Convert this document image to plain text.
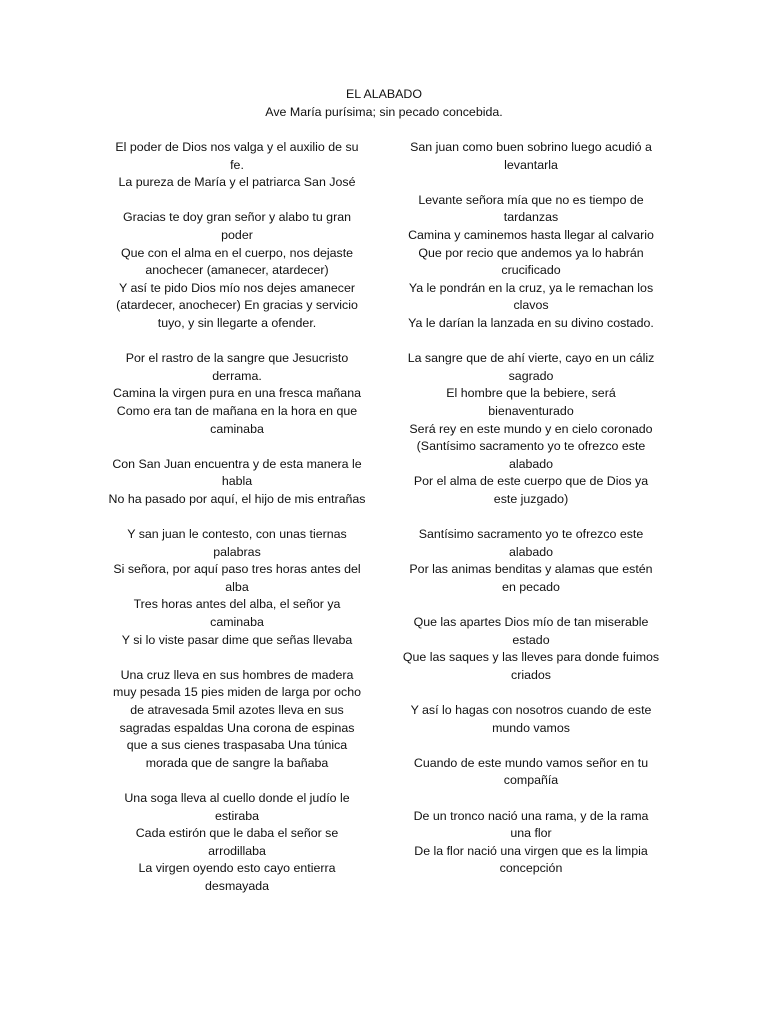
EL ALABADO
Ave María purísima; sin pecado concebida.
El poder de Dios nos valga y el auxilio de su fe.
La pureza de María y el patriarca San José
Gracias te doy gran señor y alabo tu gran poder
Que con el alma en el cuerpo, nos dejaste anochecer (amanecer, atardecer)
Y así te pido Dios mío nos dejes amanecer (atardecer, anochecer) En gracias y servicio tuyo, y sin llegarte a ofender.
Por el rastro de la sangre que Jesucristo derrama.
Camina la virgen pura en una fresca mañana
Como era tan de mañana en la hora en que caminaba
Con San Juan encuentra y de esta manera le habla
No ha pasado por aquí, el hijo de mis entrañas
Y san juan le contesto, con unas tiernas palabras
Si señora, por aquí paso tres horas antes del alba
Tres horas antes del alba, el señor ya caminaba
Y si lo viste pasar dime que señas llevaba
Una cruz lleva en sus hombres de madera muy pesada 15 pies miden de larga por ocho de atravesada 5mil azotes lleva en sus sagradas espaldas Una corona de espinas que a sus cienes traspasaba Una túnica morada que de sangre la bañaba
Una soga lleva al cuello donde el judío le estiraba
Cada estirón que le daba el señor se arrodillaba
La virgen oyendo esto cayo entierra desmayada
San juan como buen sobrino luego acudió a levantarla
Levante señora mía que no es tiempo de tardanzas
Camina y caminemos hasta llegar al calvario
Que por recio que andemos ya lo habrán crucificado
Ya le pondrán en la cruz, ya le remachan los clavos
Ya le darían la lanzada en su divino costado.
La sangre que de ahí vierte, cayo en un cáliz sagrado
El hombre que la bebiere, será bienaventurado
Será rey en este mundo y en cielo coronado
(Santísimo sacramento yo te ofrezco este alabado
Por el alma de este cuerpo que de Dios ya este juzgado)
Santísimo sacramento yo te ofrezco este alabado
Por las animas benditas y alamas que estén en pecado
Que las apartes Dios mío de tan miserable estado
Que las saques y las lleves para donde fuimos criados
Y así lo hagas con nosotros cuando de este mundo vamos
Cuando de este mundo vamos señor en tu compañía
De un tronco nació una rama, y de la rama una flor
De la flor nació una virgen que es la limpia concepción
